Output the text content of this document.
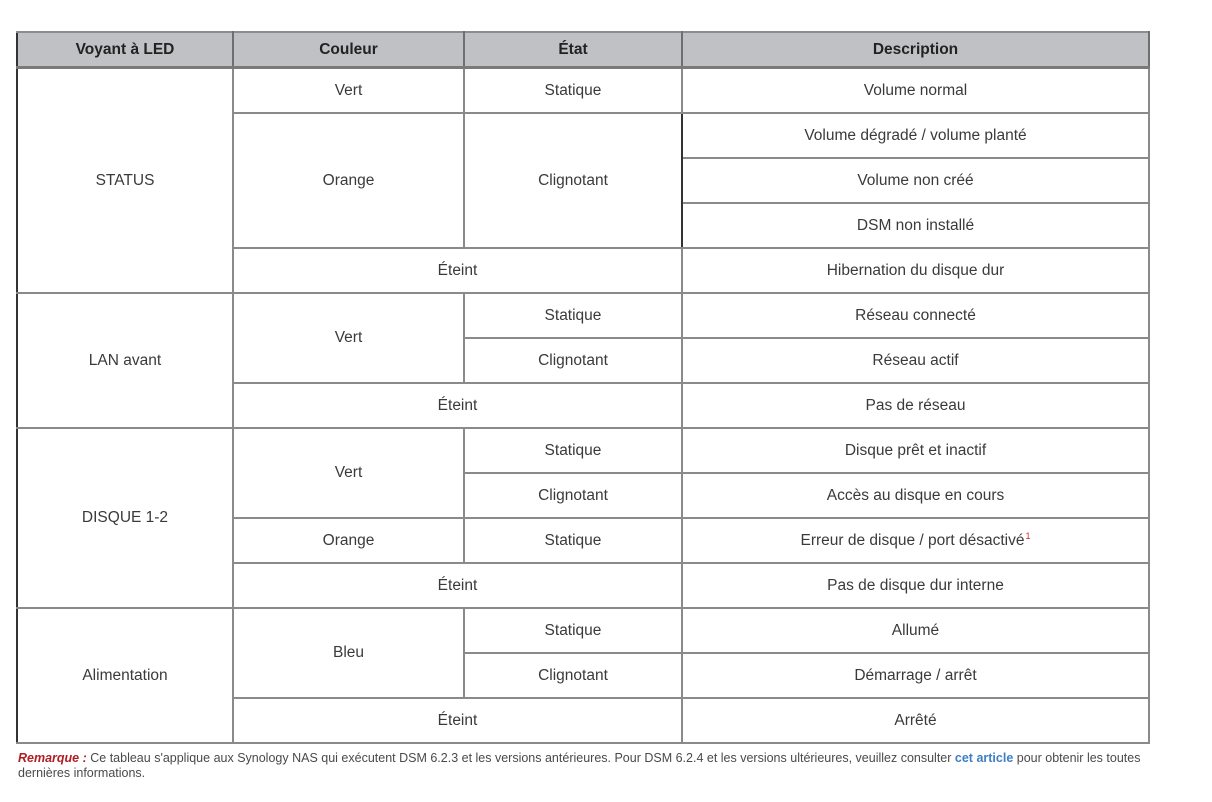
Voyant à LED	Couleur	État	Description
STATUS	Vert	Statique	Volume normal
	Orange	Clignotant	Volume dégradé / volume planté
			Volume non créé
			DSM non installé
	Éteint		Hibernation du disque dur
LAN avant	Vert	Statique	Réseau connecté
		Clignotant	Réseau actif
	Éteint		Pas de réseau
DISQUE 1-2	Vert	Statique	Disque prêt et inactif
		Clignotant	Accès au disque en cours
	Orange	Statique	Erreur de disque / port désactivé$^1$
	Éteint		Pas de disque dur interne
Alimentation	Bleu	Statique	Allumé
		Clignotant	Démarrage / arrêt
	Éteint		Arrêté
Remarque : Ce tableau s'applique aux Synology NAS qui exécutent DSM 6.2.3 et les versions antérieures. Pour DSM 6.2.4 et les versions ultérieures, veuillez consulter cet article pour obtenir les toutes dernières informations.
